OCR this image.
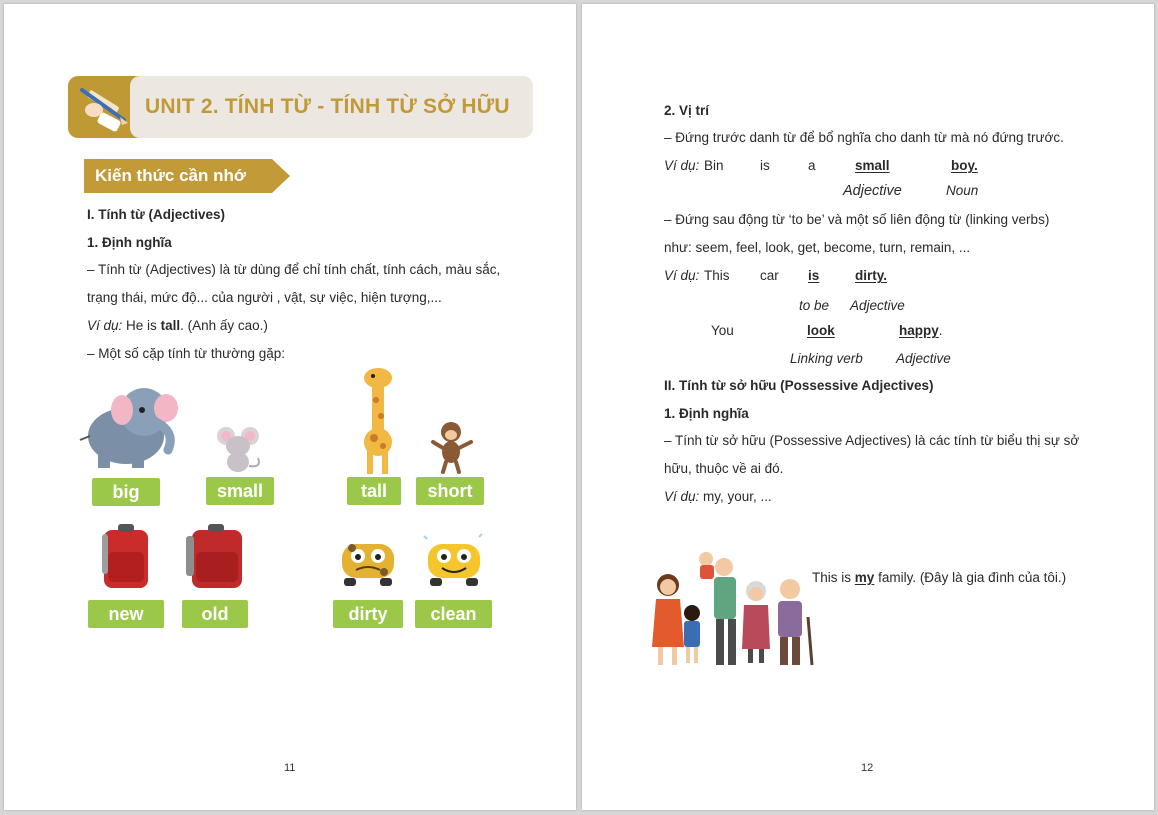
UNIT 2. TÍNH TỪ - TÍNH TỪ SỞ HỮU
Kiến thức cần nhớ
I. Tính từ (Adjectives)
1. Định nghĩa
– Tính từ (Adjectives) là từ dùng để chỉ tính chất, tính cách, màu sắc,
trạng thái, mức độ... của người , vật, sự việc, hiện tượng,...
Ví dụ: He is tall. (Anh ấy cao.)
– Một số cặp tính từ thường gặp:
big	small	tall	short
new	old	dirty	clean
11
2. Vị trí
– Đứng trước danh từ để bổ nghĩa cho danh từ mà nó đứng trước.
Ví dụ: Bin	is	a	small	boy.
Adjective	Noun
– Đứng sau động từ ‘to be’ và một số liên động từ (linking verbs)
như: seem, feel, look, get, become, turn, remain, ...
Ví dụ: This car is	dirty.
to be Adjective
You	look	happy.
Linking verb Adjective
II. Tính từ sở hữu (Possessive Adjectives)
1. Định nghĩa
– Tính từ sở hữu (Possessive Adjectives) là các tính từ biểu thị sự sở
hữu, thuộc về ai đó.
Ví dụ: my, your, ...
This is my family. (Đây là gia đình của tôi.)
12
